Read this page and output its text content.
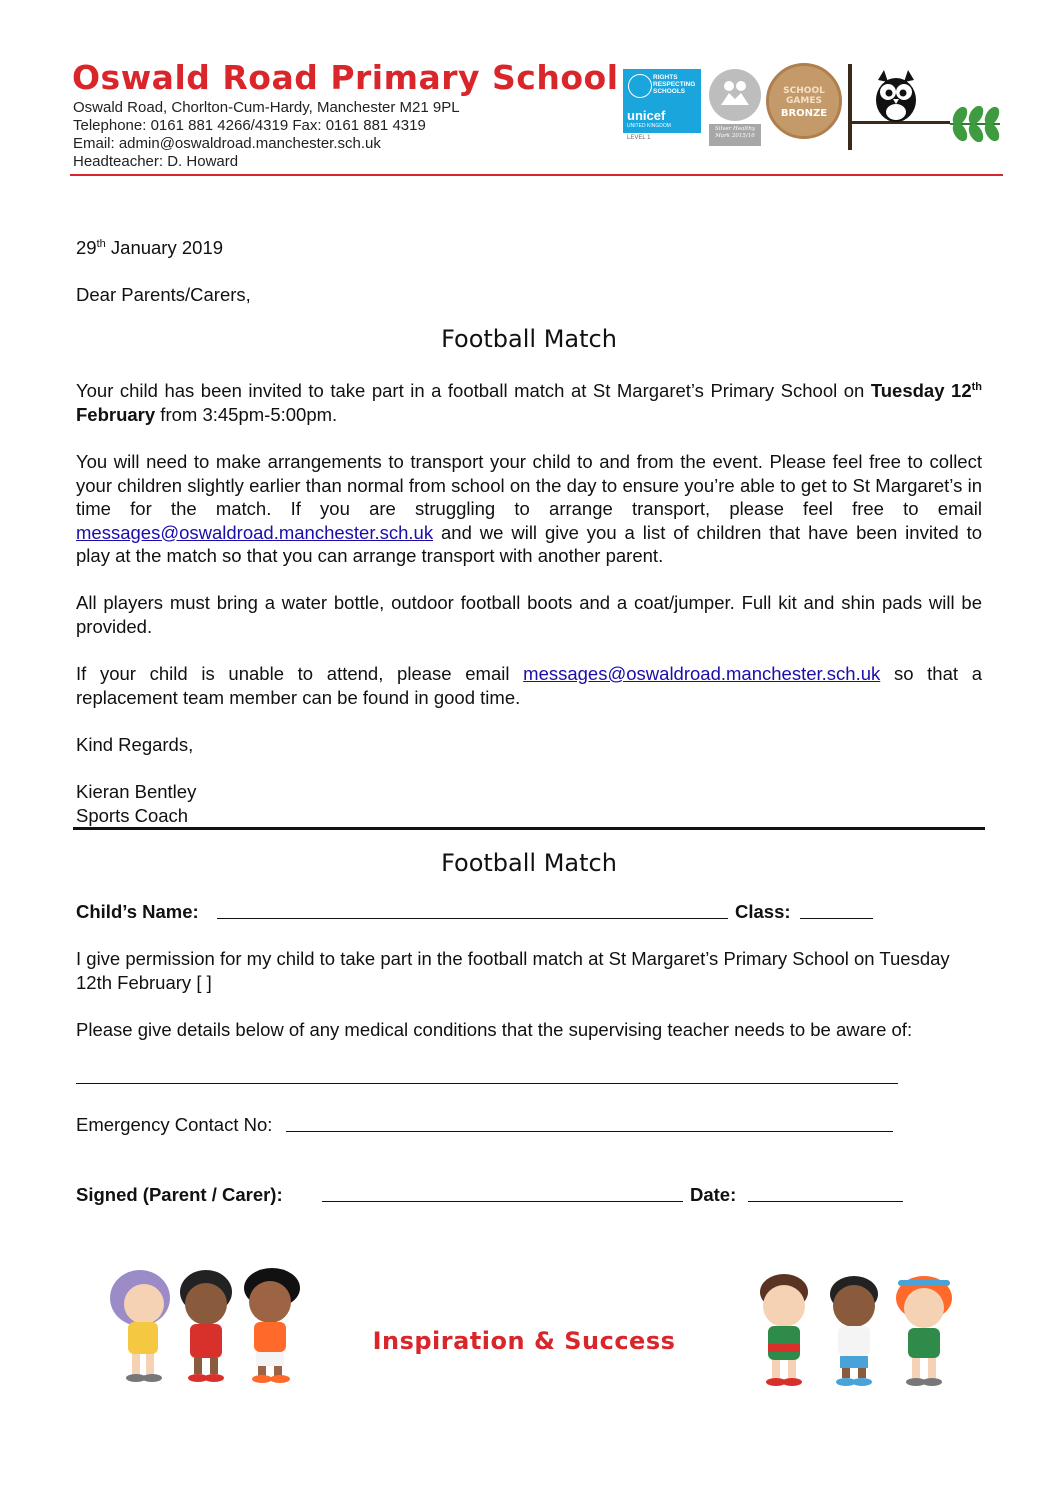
Oswald Road Primary School
Oswald Road, Chorlton-Cum-Hardy, Manchester M21 9PL
Telephone: 0161 881 4266/4319 Fax: 0161 881 4319
Email: admin@oswaldroad.manchester.sch.uk
Headteacher: D. Howard
RIGHTS RESPECTING SCHOOLS
unicef
UNITED KINGDOM
LEVEL 1
Silver Healthy Mark 2015/16
SCHOOL GAMES
BRONZE
29th January 2019
Dear Parents/Carers,
Football Match
Your child has been invited to take part in a football match at St Margaret’s Primary School on Tuesday 12th February from 3:45pm-5:00pm.
You will need to make arrangements to transport your child to and from the event. Please feel free to collect your children slightly earlier than normal from school on the day to ensure you’re able to get to St Margaret’s in time for the match. If you are struggling to arrange transport, please feel free to email messages@oswaldroad.manchester.sch.uk and we will give you a list of children that have been invited to play at the match so that you can arrange transport with another parent.
All players must bring a water bottle, outdoor football boots and a coat/jumper. Full kit and shin pads will be provided.
If your child is unable to attend, please email messages@oswaldroad.manchester.sch.uk so that a replacement team member can be found in good time.
Kind Regards,
Kieran Bentley
Sports Coach
Football Match
Child’s Name:	Class:
I give permission for my child to take part in the football match at St Margaret’s Primary School on Tuesday 12th February [ ]
Please give details below of any medical conditions that the supervising teacher needs to be aware of:
Emergency Contact No:
Signed (Parent / Carer):	Date:
Inspiration & Success
